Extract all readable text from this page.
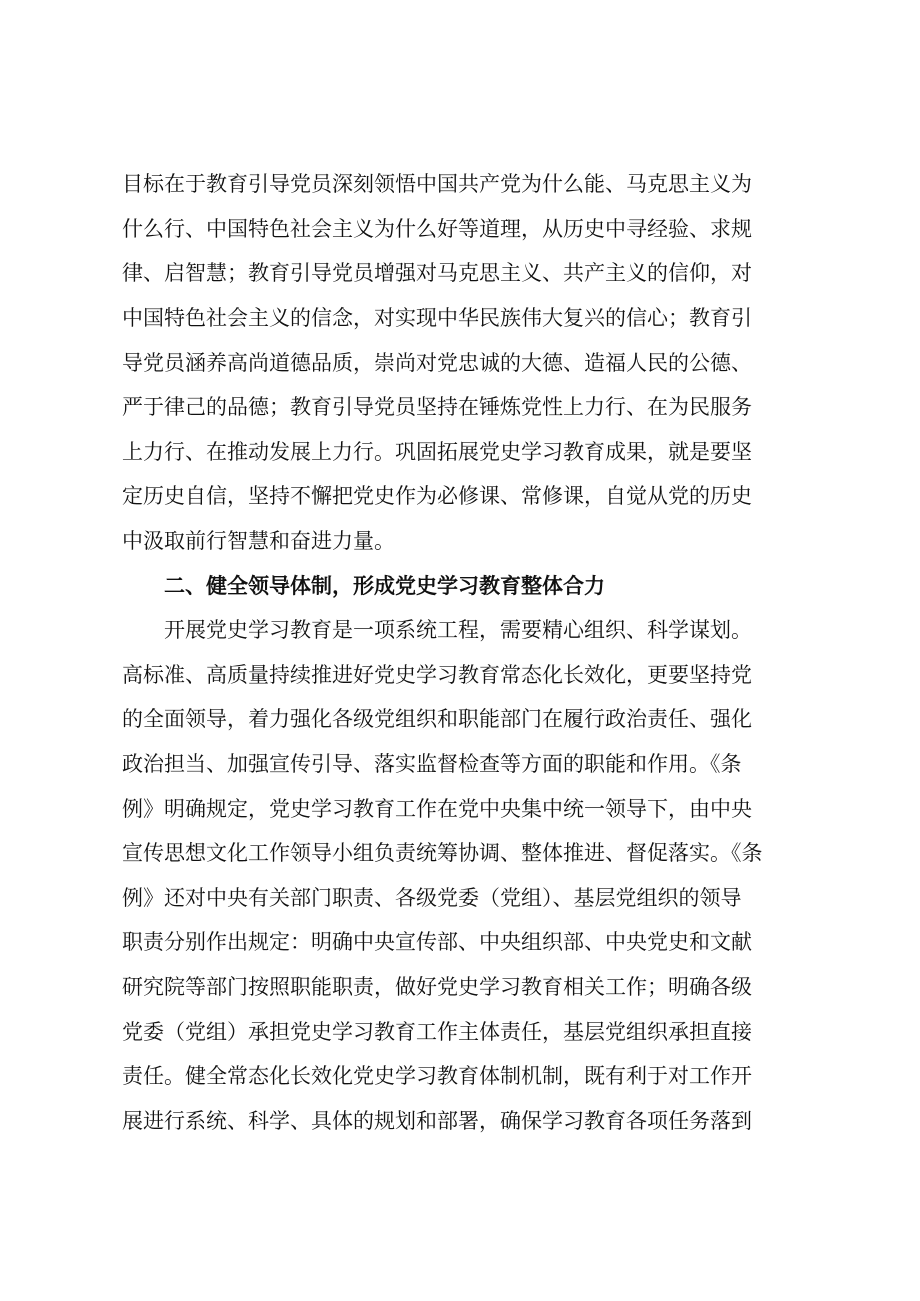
目标在于教育引导党员深刻领悟中国共产党为什么能、马克思主义为
什么行、中国特色社会主义为什么好等道理，从历史中寻经验、求规
律、启智慧；教育引导党员增强对马克思主义、共产主义的信仰，对
中国特色社会主义的信念，对实现中华民族伟大复兴的信心；教育引
导党员涵养高尚道德品质，崇尚对党忠诚的大德、造福人民的公德、
严于律己的品德；教育引导党员坚持在锤炼党性上力行、在为民服务
上力行、在推动发展上力行。巩固拓展党史学习教育成果，就是要坚
定历史自信，坚持不懈把党史作为必修课、常修课，自觉从党的历史
中汲取前行智慧和奋进力量。
二、健全领导体制，形成党史学习教育整体合力
开展党史学习教育是一项系统工程，需要精心组织、科学谋划。
高标准、高质量持续推进好党史学习教育常态化长效化，更要坚持党
的全面领导，着力强化各级党组织和职能部门在履行政治责任、强化
政治担当、加强宣传引导、落实监督检查等方面的职能和作用。《条
例》明确规定，党史学习教育工作在党中央集中统一领导下，由中央
宣传思想文化工作领导小组负责统筹协调、整体推进、督促落实。《条
例》还对中央有关部门职责、各级党委（党组）、基层党组织的领导
职责分别作出规定：明确中央宣传部、中央组织部、中央党史和文献
研究院等部门按照职能职责，做好党史学习教育相关工作；明确各级
党委（党组）承担党史学习教育工作主体责任，基层党组织承担直接
责任。健全常态化长效化党史学习教育体制机制，既有利于对工作开
展进行系统、科学、具体的规划和部署，确保学习教育各项任务落到
